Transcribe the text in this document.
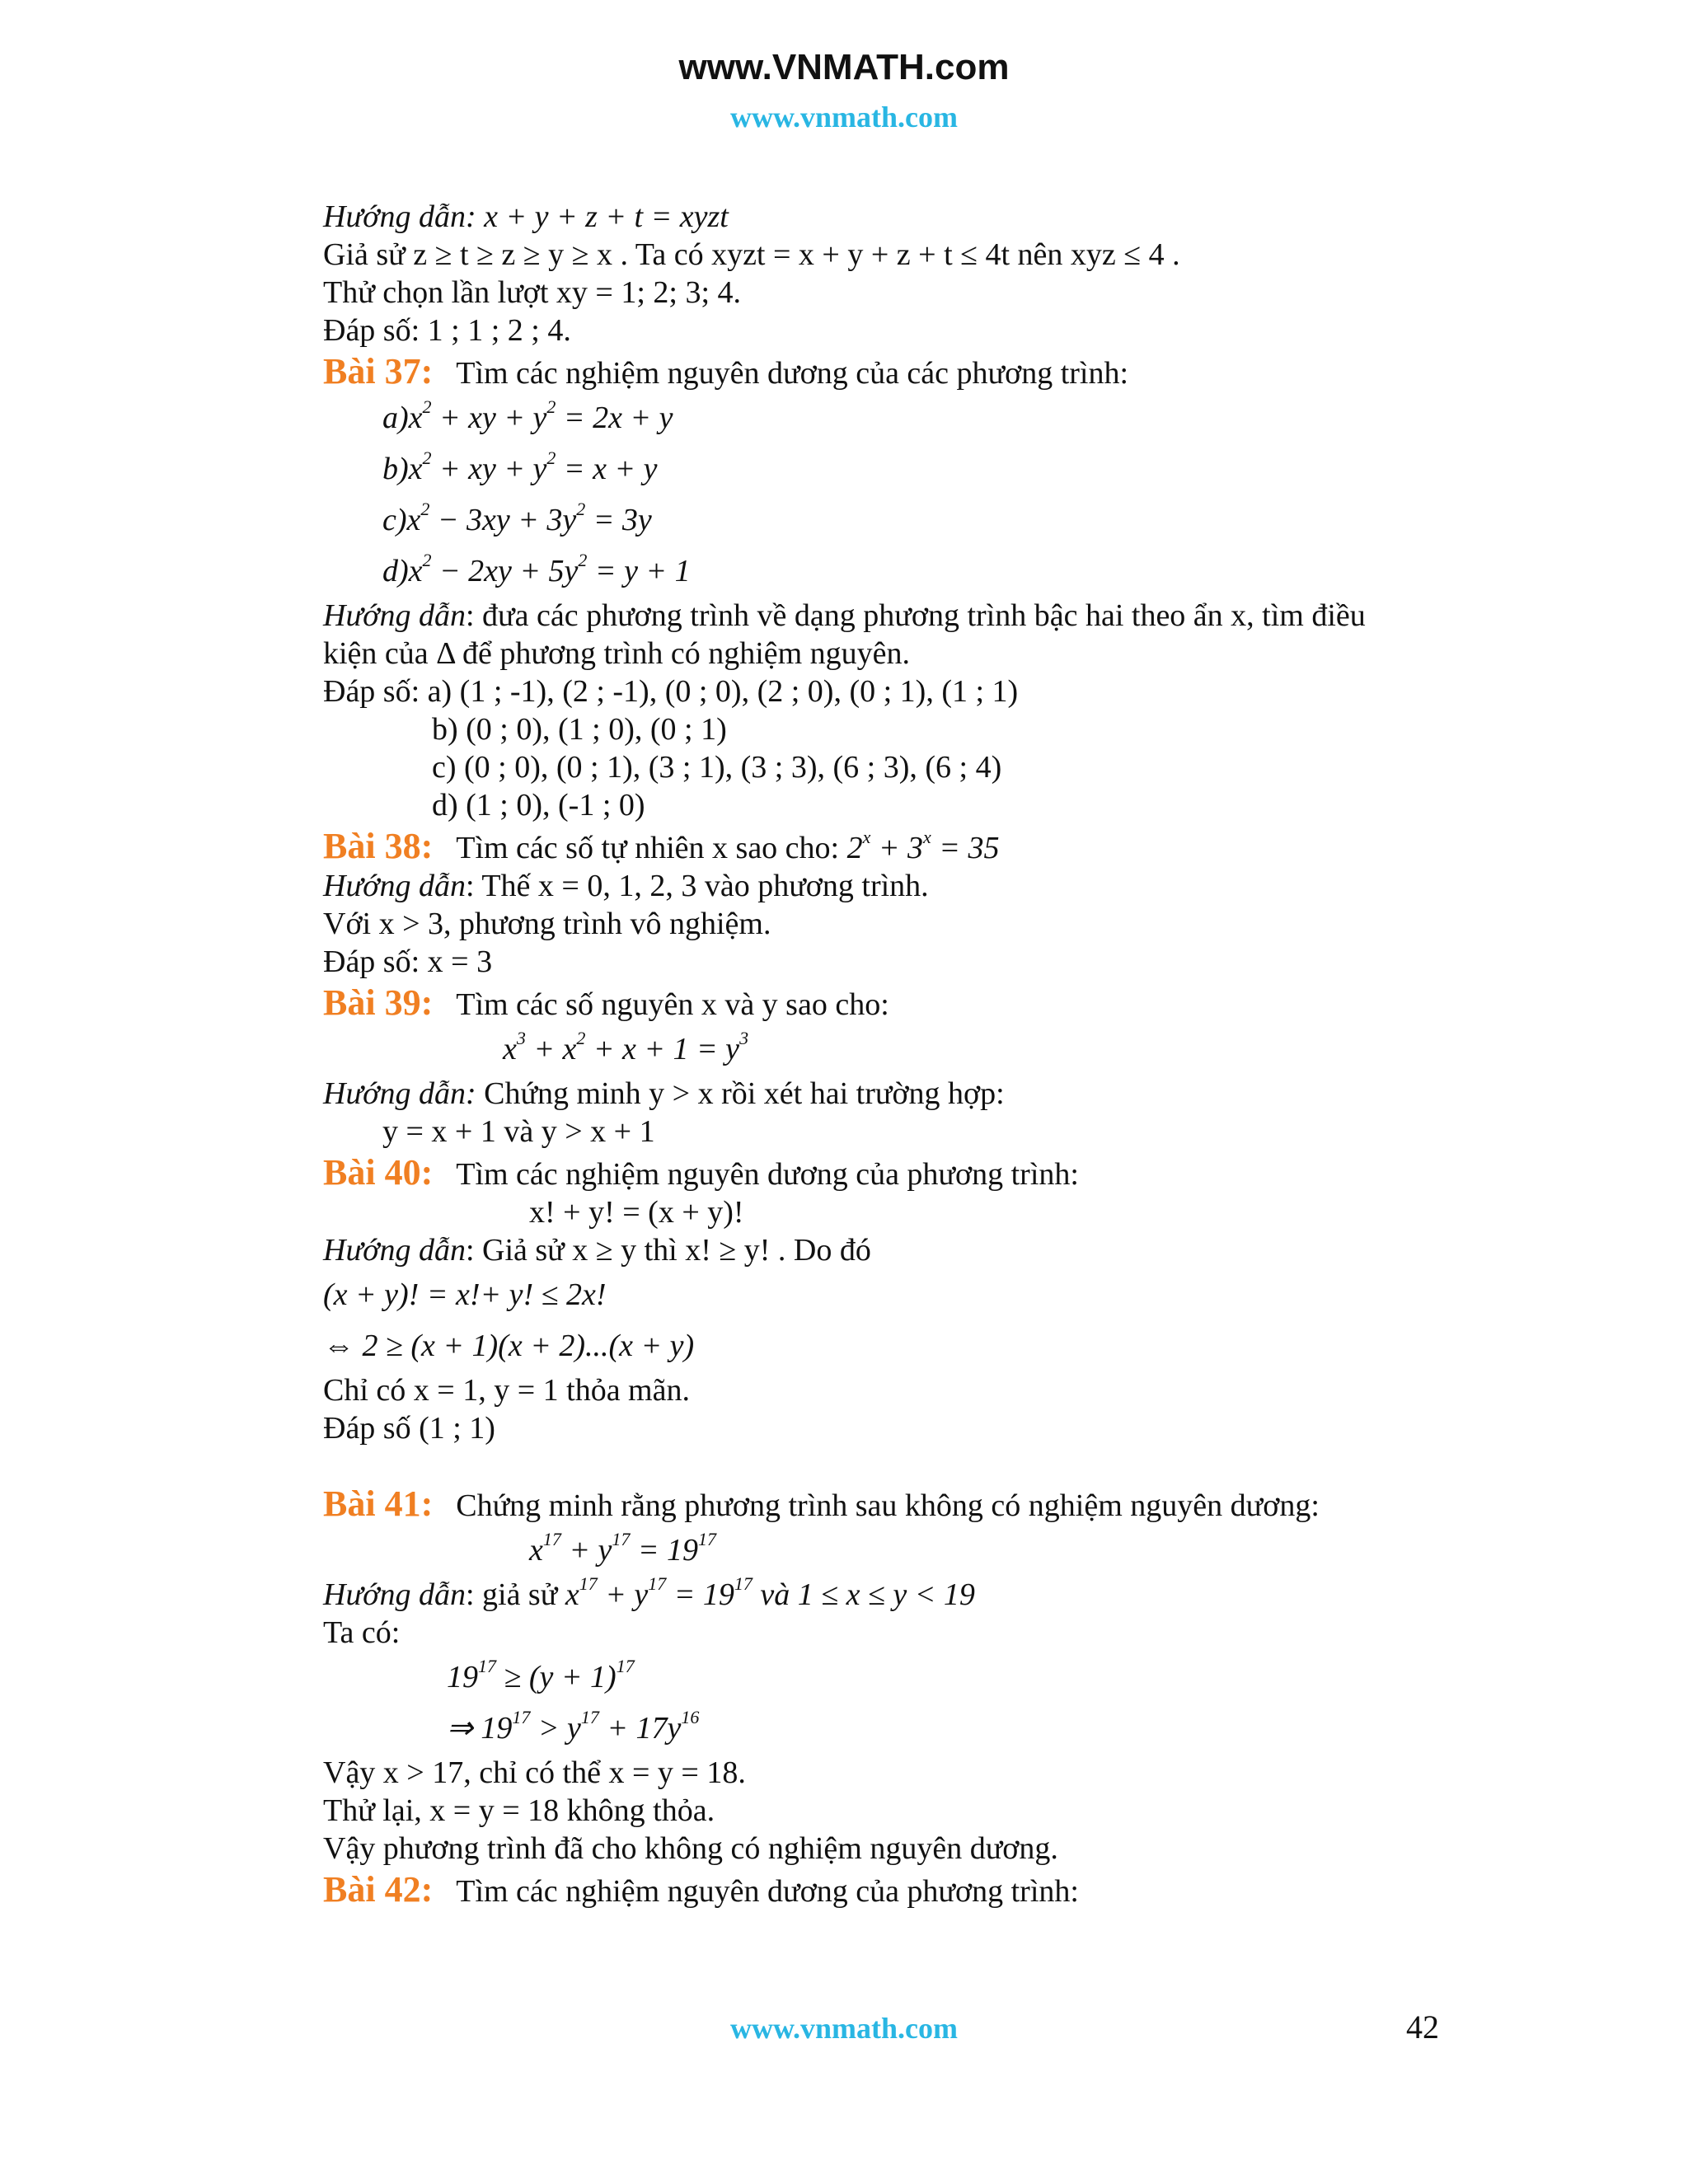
www.VNMATH.com
www.vnmath.com
Hướng dẫn: x + y + z + t = xyzt
Giả sử z ≥ t ≥ z ≥ y ≥ x . Ta có xyzt = x + y + z + t ≤ 4t nên xyz ≤ 4 .
Thử chọn lần lượt xy = 1; 2; 3; 4.
Đáp số: 1 ; 1 ; 2 ; 4.
Bài 37: Tìm các nghiệm nguyên dương của các phương trình:
$a)x^2$ + xy + $y^2 = 2x + y$
$b)x^2$ + xy + $y^2 = x + y$
$c)x^2 - 3xy + 3y^2 = 3y$
$d)x^2 - 2xy + 5y^2 = y + 1$
Hướng dẫn: đưa các phương trình về dạng phương trình bậc hai theo ẩn x, tìm điều
kiện của Δ để phương trình có nghiệm nguyên.
Đáp số: a) (1 ; -1), (2 ; -1), (0 ; 0), (2 ; 0), (0 ; 1), (1 ; 1)
b) (0 ; 0), (1 ; 0), (0 ; 1)
c) (0 ; 0), (0 ; 1), (3 ; 1), (3 ; 3), (6 ; 3), (6 ; 4)
d) (1 ; 0), (-1 ; 0)
Bài 38: Tìm các số tự nhiên x sao cho: $2^x + 3^x = 35$
Hướng dẫn: Thế x = 0, 1, 2, 3 vào phương trình.
Với x > 3, phương trình vô nghiệm.
Đáp số: x = 3
Bài 39: Tìm các số nguyên x và y sao cho:
$x^3 + x^2 + x + 1 = y^3$
Hướng dẫn: Chứng minh y > x rồi xét hai trường hợp:
y = x + 1 và y > x + 1
Bài 40: Tìm các nghiệm nguyên dương của phương trình:
x! + y! = (x + y)!
Hướng dẫn: Giả sử x ≥ y thì x! ≥ y! . Do đó
(x + y)! = x!+ y! ≤ 2x!
⇔ 2 ≥ (x + 1)(x + 2)...(x + y)
Chỉ có x = 1, y = 1 thỏa mãn.
Đáp số (1 ; 1)
Bài 41: Chứng minh rằng phương trình sau không có nghiệm nguyên dương:
$x^{17} + y^{17} = 19^{17}$
Hướng dẫn: giả sử $x^{17} + y^{17} = 19^{17}$ và 1 ≤ x ≤ y < 19
Ta có:
$19^{17} \ge (y + 1)^{17}$
⇒ $19^{17} > y^{17} + 17y^{16}$
Vậy x > 17, chỉ có thể x = y = 18.
Thử lại, x = y = 18 không thỏa.
Vậy phương trình đã cho không có nghiệm nguyên dương.
Bài 42: Tìm các nghiệm nguyên dương của phương trình:
www.vnmath.com	42
